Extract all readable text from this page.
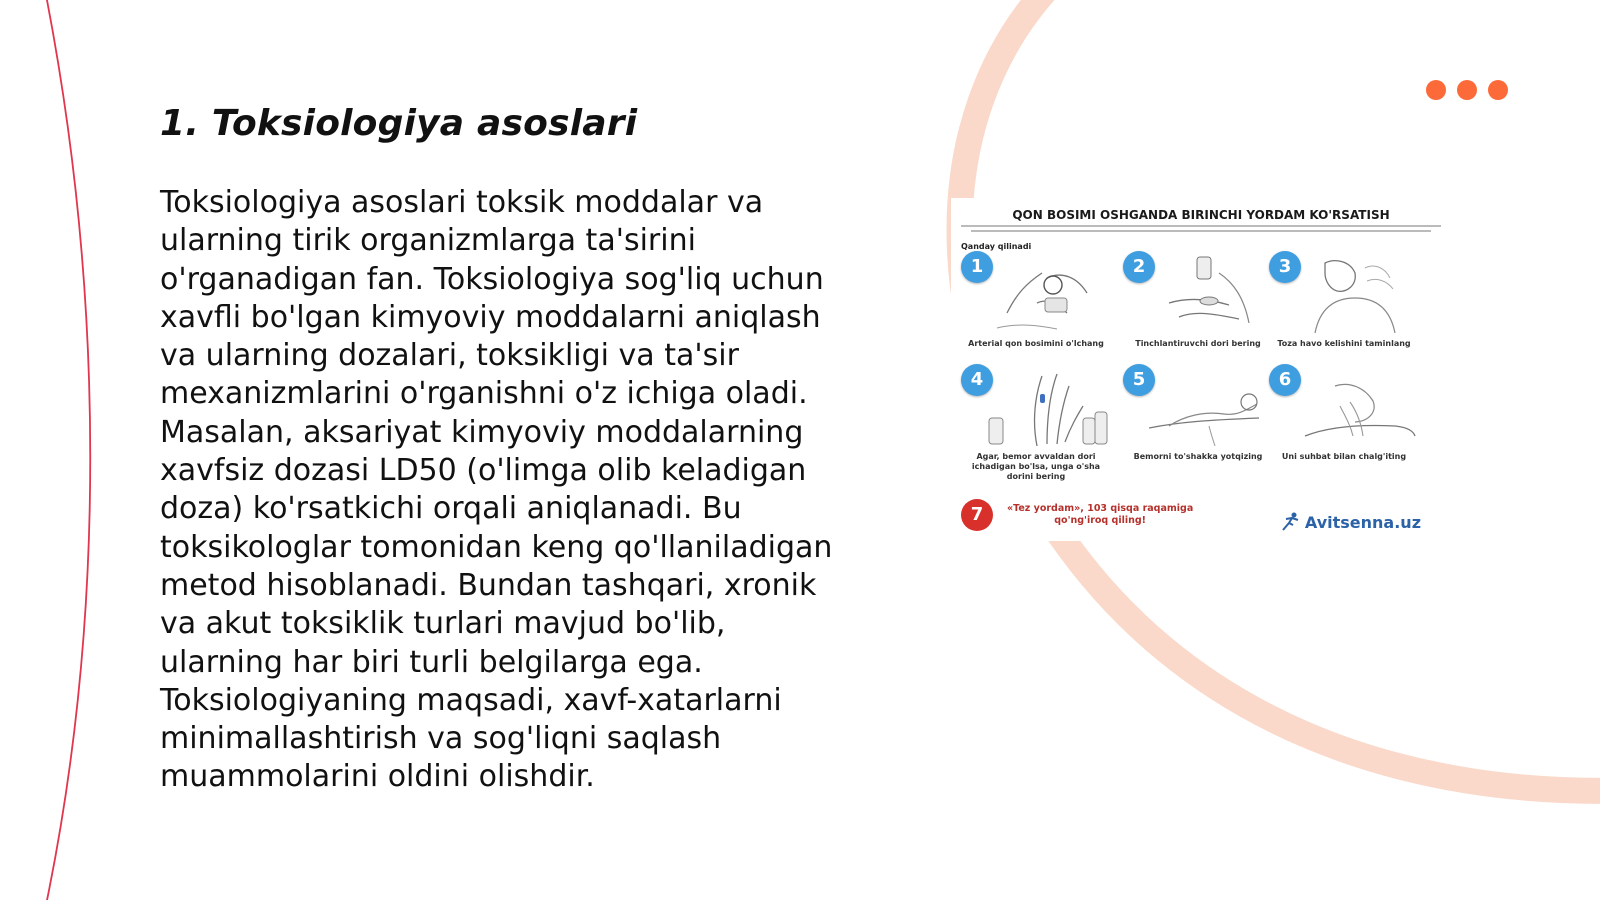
1. Toksiologiya asoslari

Toksiologiya asoslari toksik moddalar va ularning tirik organizmlarga ta'sirini o'rganadigan fan. Toksiologiya sog'liq uchun xavfli bo'lgan kimyoviy moddalarni aniqlash va ularning dozalari, toksikligi va ta'sir mexanizmlarini o'rganishni o'z ichiga oladi. Masalan, aksariyat kimyoviy moddalarning xavfsiz dozasi LD50 (o'limga olib keladigan doza) ko'rsatkichi orqali aniqlanadi. Bu toksikologlar tomonidan keng qo'llaniladigan metod hisoblanadi. Bundan tashqari, xronik va akut toksiklik turlari mavjud bo'lib, ularning har biri turli belgilarga ega. Toksiologiyaning maqsadi, xavf-xatarlarni minimallashtirish va sog'liqni saqlash muammolarini oldini olishdir.

QON BOSIMI OSHGANDA BIRINCHI YORDAM KO'RSATISH
Qanday qilinadi
1
Arterial qon bosimini o'lchang
2
Tinchlantiruvchi dori bering
3
Toza havo kelishini taminlang
4
Agar, bemor avvaldan dori ichadigan bo'lsa, unga o'sha dorini bering
5
Bemorni to'shakka yotqizing
6
Uni suhbat bilan chalg'iting
7	«Tez yordam», 103 qisqa raqamiga
qo'ng'iroq qiling!	Avitsenna.uz
